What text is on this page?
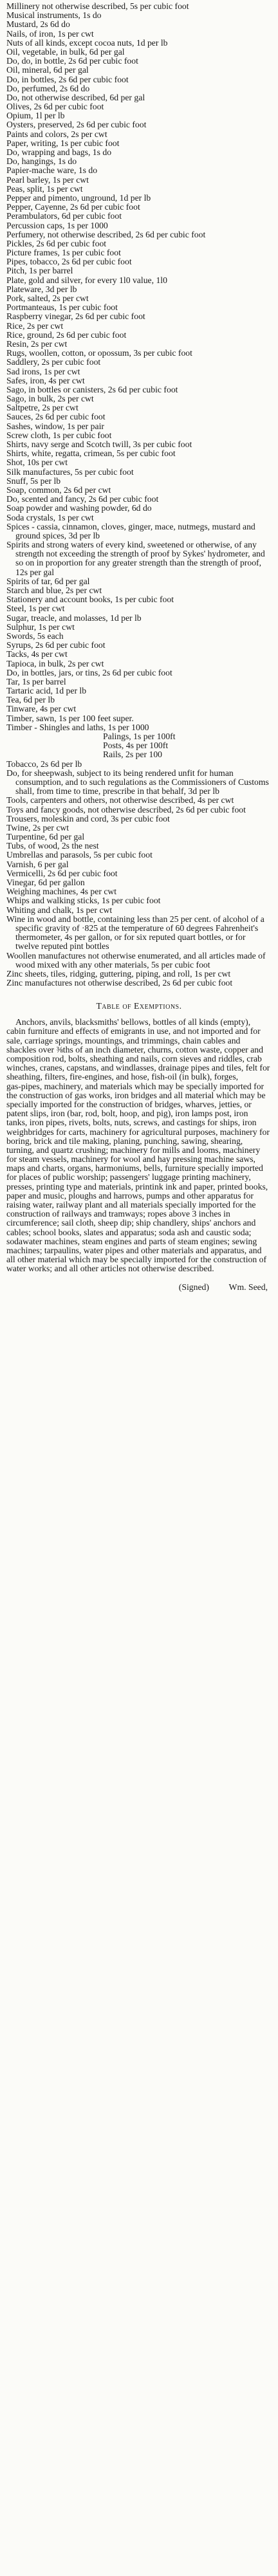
Millinery not otherwise described, 5s per cubic foot
Musical instruments, 1s do
Mustard, 2s 6d do
Nails, of iron, 1s per cwt
Nuts of all kinds, except cocoa nuts, 1d per lb
Oil, vegetable, in bulk, 6d per gal
Do, do, in bottle, 2s 6d per cubic foot
Oil, mineral, 6d per gal
Do, in bottles, 2s 6d per cubic foot
Do, perfumed, 2s 6d do
Do, not otherwise described, 6d per gal
Olives, 2s 6d per cubic foot
Opium, 1l per lb
Oysters, preserved, 2s 6d per cubic foot
Paints and colors, 2s per cwt
Paper, writing, 1s per cubic foot
Do, wrapping and bags, 1s do
Do, hangings, 1s do
Papier-mache ware, 1s do
Pearl barley, 1s per cwt
Peas, split, 1s per cwt
Pepper and pimento, unground, 1d per lb
Pepper, Cayenne, 2s 6d per cubic foot
Perambulators, 6d per cubic foot
Percussion caps, 1s per 1000
Perfumery, not otherwise described, 2s 6d per cubic foot
Pickles, 2s 6d per cubic foot
Picture frames, 1s per cubic foot
Pipes, tobacco, 2s 6d per cubic foot
Pitch, 1s per barrel
Plate, gold and silver, for every 1l0 value, 1l0
Plateware, 3d per lb
Pork, salted, 2s per cwt
Portmanteaus, 1s per cubic foot
Raspberry vinegar, 2s 6d per cubic foot
Rice, 2s per cwt
Rice, ground, 2s 6d per cubic foot
Resin, 2s per cwt
Rugs, woollen, cotton, or opossum, 3s per cubic foot
Saddlery, 2s per cubic foot
Sad irons, 1s per cwt
Safes, iron, 4s per cwt
Sago, in bottles or canisters, 2s 6d per cubic foot
Sago, in bulk, 2s per cwt
Saltpetre, 2s per cwt
Sauces, 2s 6d per cubic foot
Sashes, window, 1s per pair
Screw cloth, 1s per cubic foot
Shirts, navy serge and Scotch twill, 3s per cubic foot
Shirts, white, regatta, crimean, 5s per cubic foot
Shot, 10s per cwt
Silk manufactures, 5s per cubic foot
Snuff, 5s per lb
Soap, common, 2s 6d per cwt
Do, scented and fancy, 2s 6d per cubic foot
Soap powder and washing powder, 6d do
Soda crystals, 1s per cwt
Spices - cassia, cinnamon, cloves, ginger, mace, nutmegs, mustard and
ground spices, 3d per lb
Spirits and strong waters of every kind, sweetened or otherwise, of any
strength not exceeding the strength of proof by Sykes' hydrometer, and
so on in proportion for any greater strength than the strength of proof,
12s per gal
Spirits of tar, 6d per gal
Starch and blue, 2s per cwt
Stationery and account books, 1s per cubic foot
Steel, 1s per cwt
Sugar, treacle, and molasses, 1d per lb
Sulphur, 1s per cwt
Swords, 5s each
Syrups, 2s 6d per cubic foot
Tacks, 4s per cwt
Tapioca, in bulk, 2s per cwt
Do, in bottles, jars, or tins, 2s 6d per cubic foot
Tar, 1s per barrel
Tartaric acid, 1d per lb
Tea, 6d per lb
Tinware, 4s per cwt
Timber, sawn, 1s per 100 feet super.
Timber - Shingles and laths, 1s per 1000
Palings, 1s per 100ft
Posts, 4s per 100ft
Rails, 2s per 100
Tobacco, 2s 6d per lb
Do, for sheepwash, subject to its being rendered unfit for human
consumption, and to such regulations as the Commissioners of Customs
shall, from time to time, prescribe in that behalf, 3d per lb
Tools, carpenters and others, not otherwise described, 4s per cwt
Toys and fancy goods, not otherwise described, 2s 6d per cubic foot
Trousers, moleskin and cord, 3s per cubic foot
Twine, 2s per cwt
Turpentine, 6d per gal
Tubs, of wood, 2s the nest
Umbrellas and parasols, 5s per cubic foot
Varnish, 6 per gal
Vermicelli, 2s 6d per cubic foot
Vinegar, 6d per gallon
Weighing machines, 4s per cwt
Whips and walking sticks, 1s per cubic foot
Whiting and chalk, 1s per cwt
Wine in wood and bottle, containing less than 25 per cent. of alcohol of a
specific gravity of ·825 at the temperature of 60 degrees Fahrenheit's
thermometer, 4s per gallon, or for six reputed quart bottles, or for
twelve reputed pint bottles
Woollen manufactures not otherwise enumerated, and all articles made of
wood mixed with any other materials, 5s per cubic foot
Zinc sheets, tiles, ridging, guttering, piping, and roll, 1s per cwt
Zinc manufactures not otherwise described, 2s 6d per cubic foot
Table of Exemptions.
Anchors, anvils, blacksmiths' bellows, bottles of all kinds (empty),
cabin furniture and effects of emigrants in use, and not imported and for
sale, carriage springs, mountings, and trimmings, chain cables and
shackles over ⅜ths of an inch diameter, churns, cotton waste, copper and
composition rod, bolts, sheathing and nails, corn sieves and riddles, crab
winches, cranes, capstans, and windlasses, drainage pipes and tiles, felt for
sheathing, filters, fire-engines, and hose, fish-oil (in bulk), forges,
gas-pipes, machinery, and materials which may be specially imported for
the construction of gas works, iron bridges and all material which may be
specially imported for the construction of bridges, wharves, jetties, or
patent slips, iron (bar, rod, bolt, hoop, and pig), iron lamps post, iron
tanks, iron pipes, rivets, bolts, nuts, screws, and castings for ships, iron
weighbridges for carts, machinery for agricultural purposes, machinery for
boring, brick and tile making, planing, punching, sawing, shearing,
turning, and quartz crushing; machinery for mills and looms, machinery
for steam vessels, machinery for wool and hay pressing machine saws,
maps and charts, organs, harmoniums, bells, furniture specially imported
for places of public worship; passengers' luggage printing machinery,
presses, printing type and materials, printink ink and paper, printed books,
paper and music, ploughs and harrows, pumps and other apparatus for
raising water, railway plant and all materials specially imported for the
construction of railways and tramways; ropes above 3 inches in
circumference; sail cloth, sheep dip; ship chandlery, ships' anchors and
cables; school books, slates and apparatus; soda ash and caustic soda;
sodawater machines, steam engines and parts of steam engines; sewing
machines; tarpaulins, water pipes and other materials and apparatus, and
all other material which may be specially imported for the construction of
water works; and all other articles not otherwise described.
(Signed) Wm. Seed,
